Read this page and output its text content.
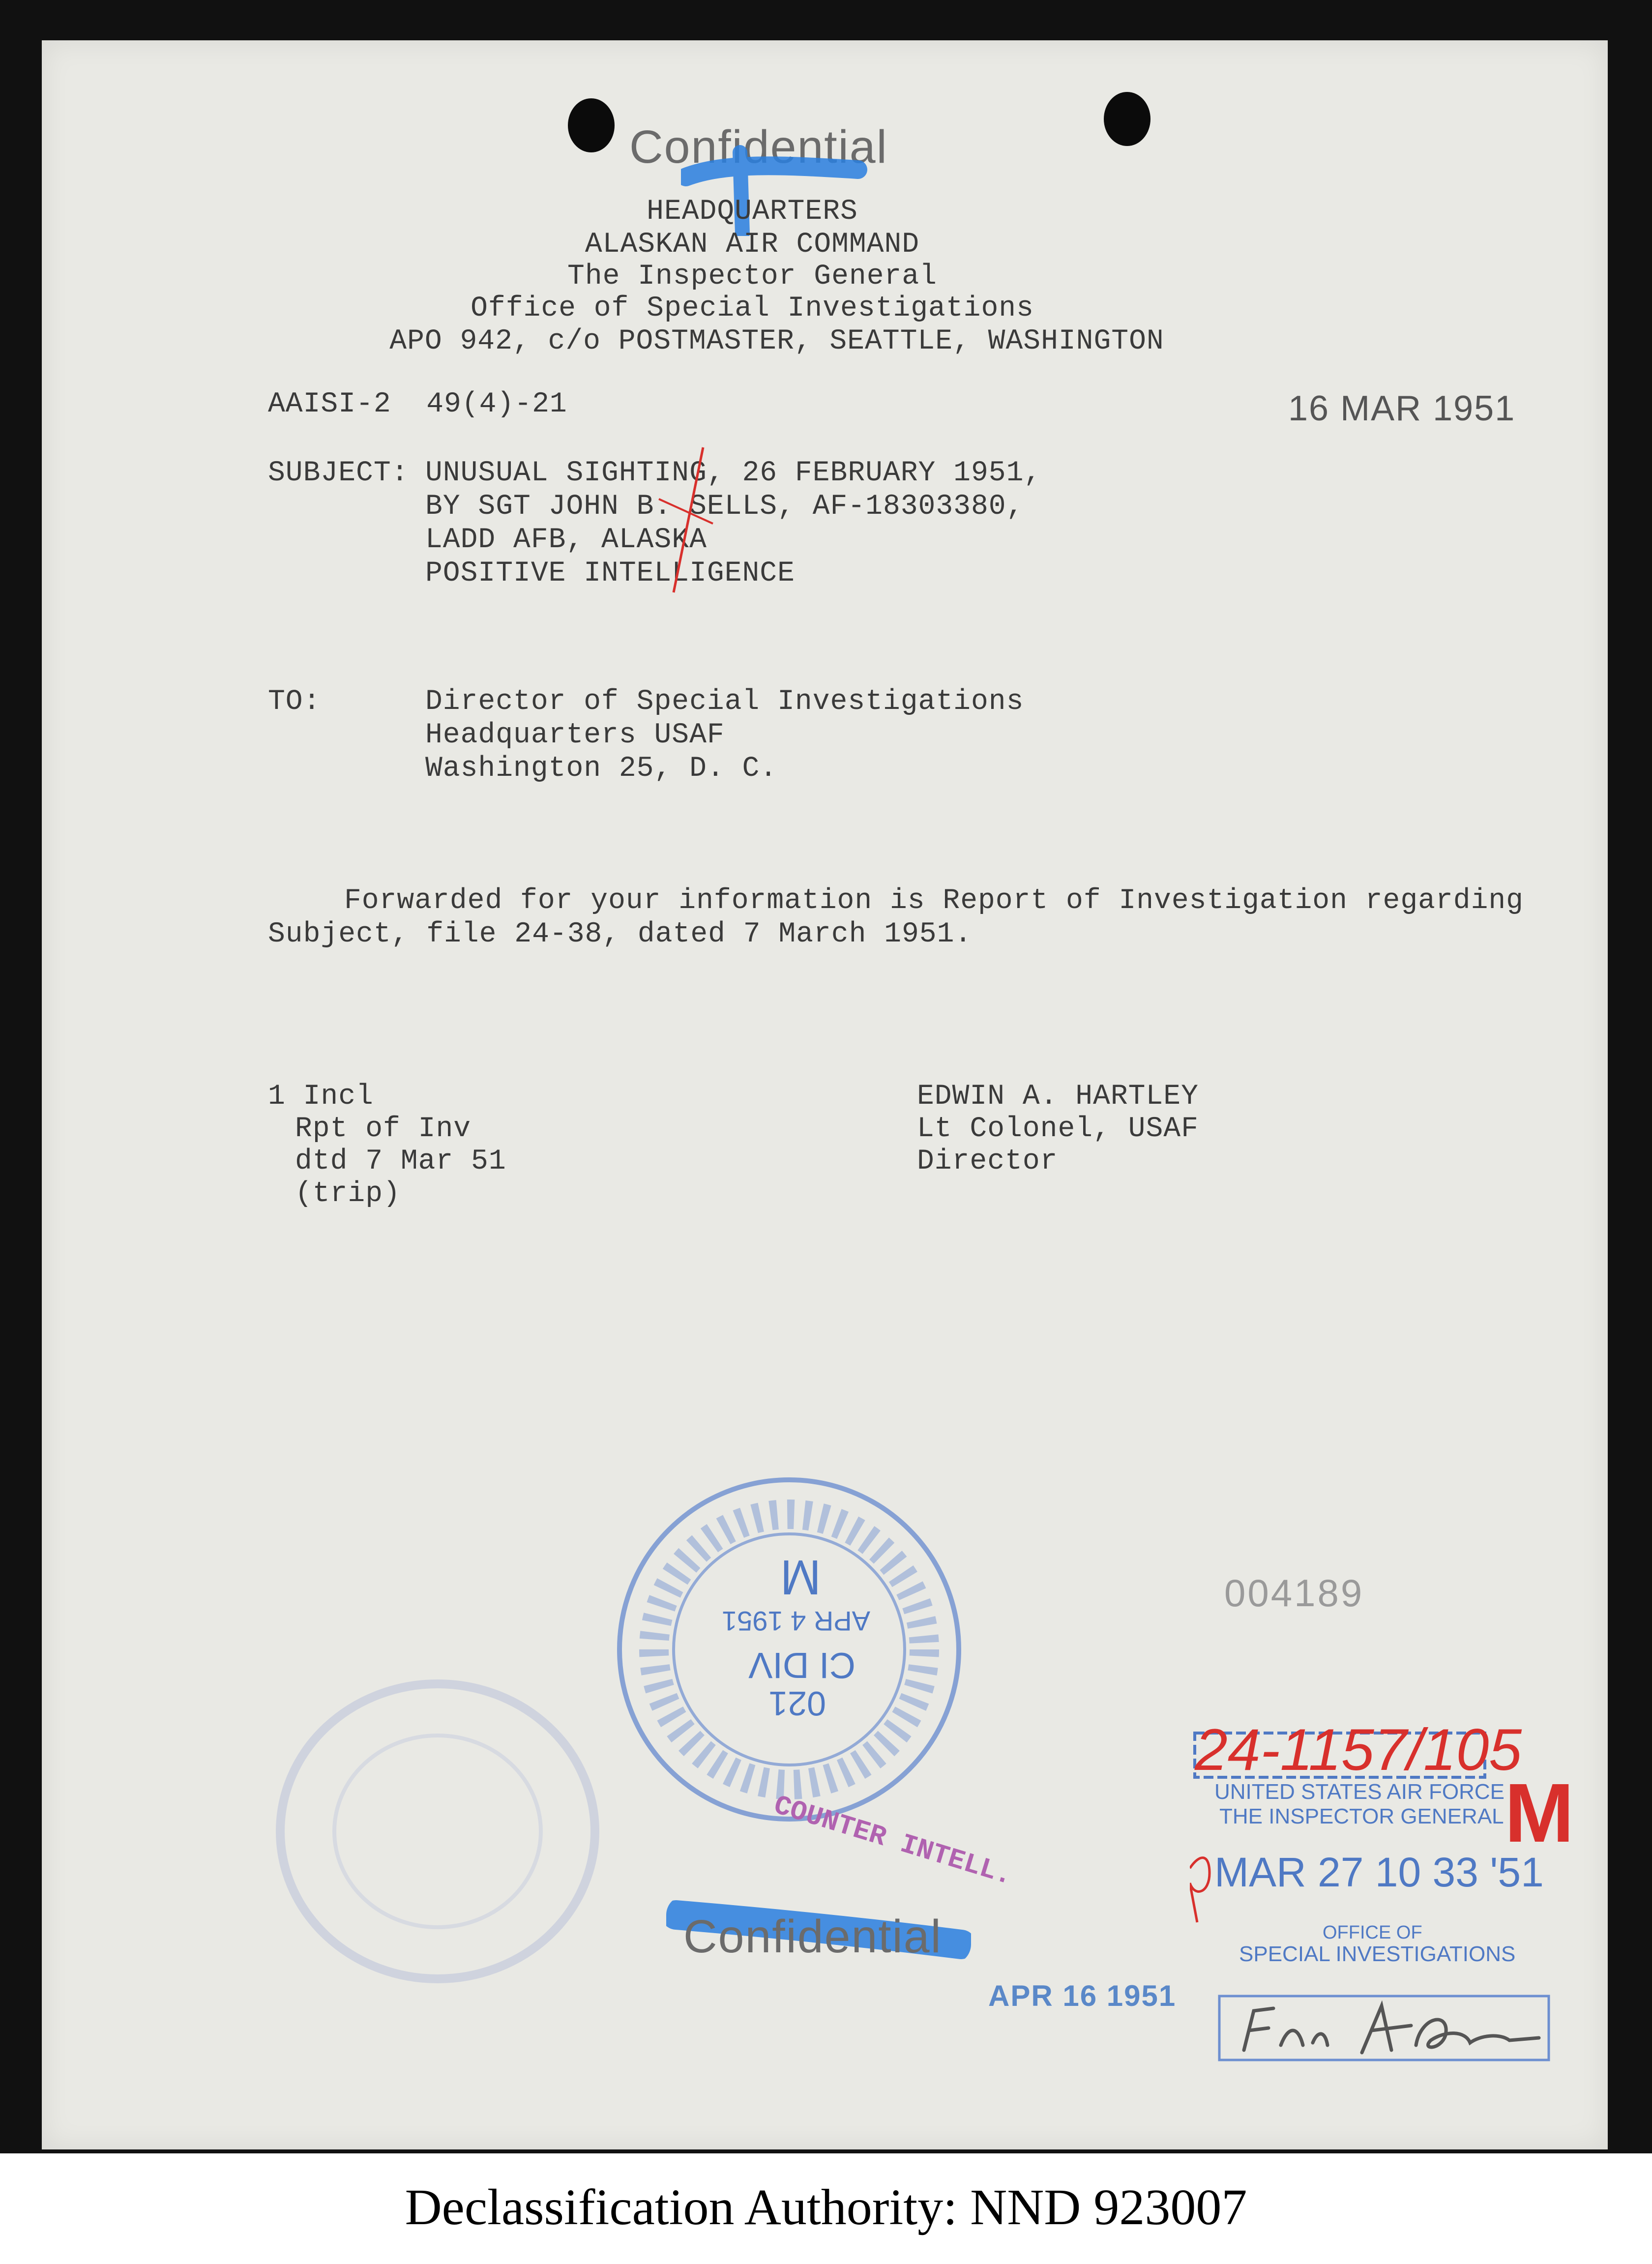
Confidential
HEADQUARTERS
ALASKAN AIR COMMAND
The Inspector General
Office of Special Investigations
APO 942, c/o POSTMASTER, SEATTLE, WASHINGTON
AAISI-2  49(4)-21	16 MAR 1951
SUBJECT: UNUSUAL SIGHTING, 26 FEBRUARY 1951,
BY SGT JOHN B. SELLS, AF-18303380,
LADD AFB, ALASKA
POSITIVE INTELLIGENCE
TO:	Director of Special Investigations
Headquarters USAF
Washington 25, D. C.
Forwarded for your information is Report of Investigation regarding
Subject, file 24-38, dated 7 March 1951.
1 Incl
Rpt of Inv
dtd 7 Mar 51
(trip)
EDWIN A. HARTLEY
Lt Colonel, USAF
Director
021
CI DIV
APR 4 1951
M
COUNTER INTELL.
004189
Confidential
APR 16 1951
24-1157/105
UNITED STATES AIR FORCE
THE INSPECTOR GENERAL M
MAR 27 10 33 '51
OFFICE OF
SPECIAL INVESTIGATIONS
Declassification Authority: NND 923007
